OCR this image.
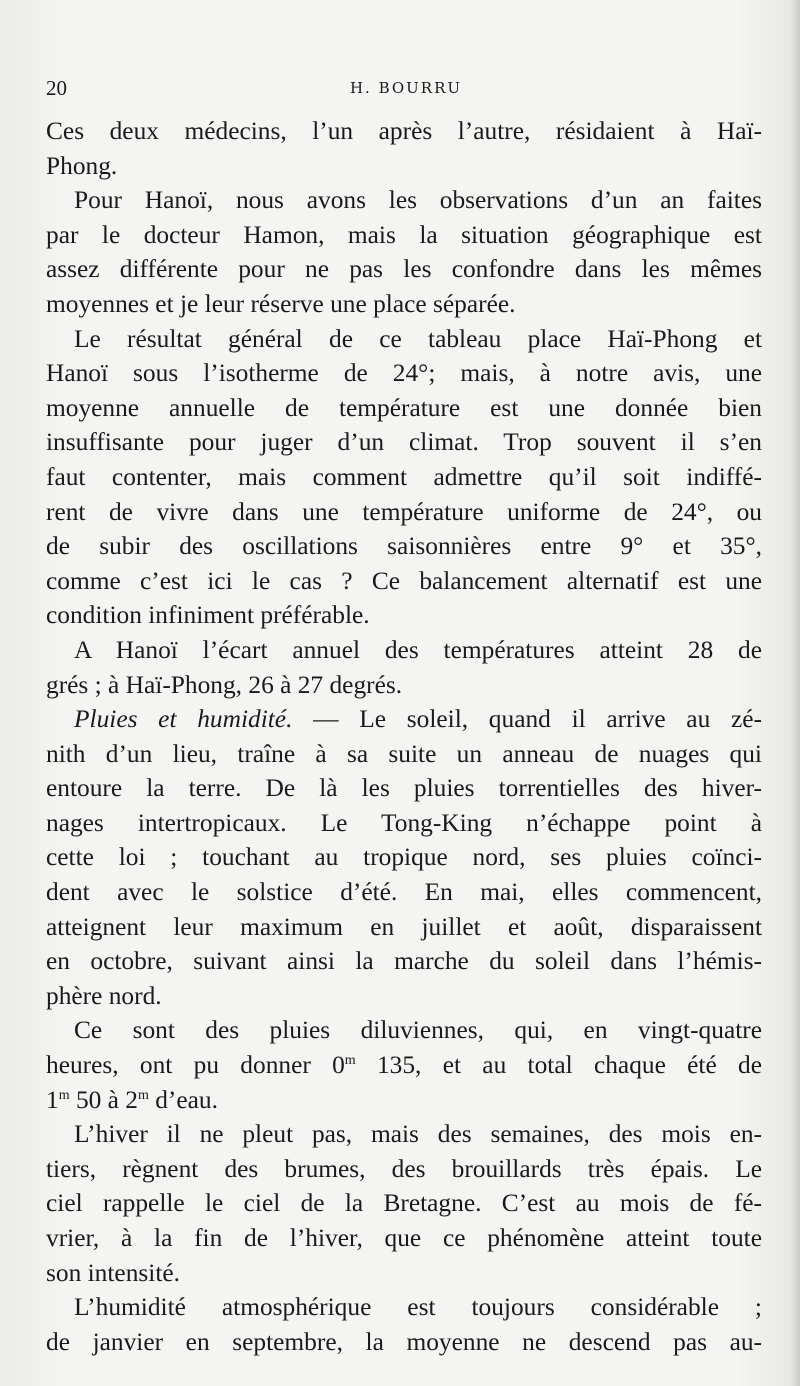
20	H. BOURRU
Ces deux médecins, l’un après l’autre, résidaient à Haï-
Phong.
Pour Hanoï, nous avons les observations d’un an faites
par le docteur Hamon, mais la situation géographique est
assez différente pour ne pas les confondre dans les mêmes
moyennes et je leur réserve une place séparée.
Le résultat général de ce tableau place Haï-Phong et
Hanoï sous l’isotherme de 24°; mais, à notre avis, une
moyenne annuelle de température est une donnée bien
insuffisante pour juger d’un climat. Trop souvent il s’en
faut contenter, mais comment admettre qu’il soit indiffé-
rent de vivre dans une température uniforme de 24°, ou
de subir des oscillations saisonnières entre 9° et 35°,
comme c’est ici le cas ? Ce balancement alternatif est une
condition infiniment préférable.
A Hanoï l’écart annuel des températures atteint 28 de
grés ; à Haï-Phong, 26 à 27 degrés.
Pluies et humidité. — Le soleil, quand il arrive au zé-
nith d’un lieu, traîne à sa suite un anneau de nuages qui
entoure la terre. De là les pluies torrentielles des hiver-
nages intertropicaux. Le Tong-King n’échappe point à
cette loi ; touchant au tropique nord, ses pluies coïnci-
dent avec le solstice d’été. En mai, elles commencent,
atteignent leur maximum en juillet et août, disparaissent
en octobre, suivant ainsi la marche du soleil dans l’hémis-
phère nord.
Ce sont des pluies diluviennes, qui, en vingt-quatre
heures, ont pu donner 0$^m$ 135, et au total chaque été de
1$^m$ 50 à 2$^m$ d’eau.
L’hiver il ne pleut pas, mais des semaines, des mois en-
tiers, règnent des brumes, des brouillards très épais. Le
ciel rappelle le ciel de la Bretagne. C’est au mois de fé-
vrier, à la fin de l’hiver, que ce phénomène atteint toute
son intensité.
L’humidité atmosphérique est toujours considérable ;
de janvier en septembre, la moyenne ne descend pas au-
